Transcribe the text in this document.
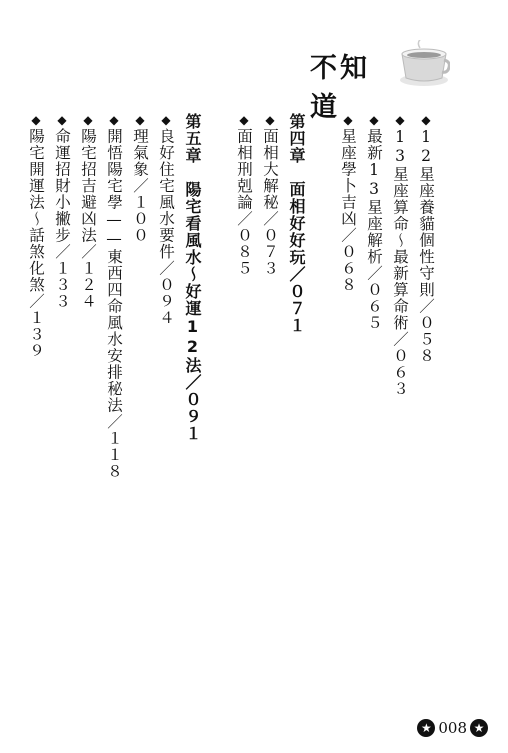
不知道	◆12星座養貓個性守則／０５８
◆13星座算命～最新算命術／０６３
◆最新13星座解析／０６５
◆星座學卜吉凶／０６８
第四章　面相好好玩／０７１
◆面相大解秘／０７３
◆面相刑剋論／０８５
第五章　陽宅看風水～好運12法／０９１
◆良好住宅風水要件／０９４
◆理氣象／１００
◆開悟陽宅學——東西四命風水安排秘法／１１８
◆陽宅招吉避凶法／１２４
◆命運招財小撇步／１３３
◆陽宅開運法～話煞化煞／１３９
★ 008 ★
